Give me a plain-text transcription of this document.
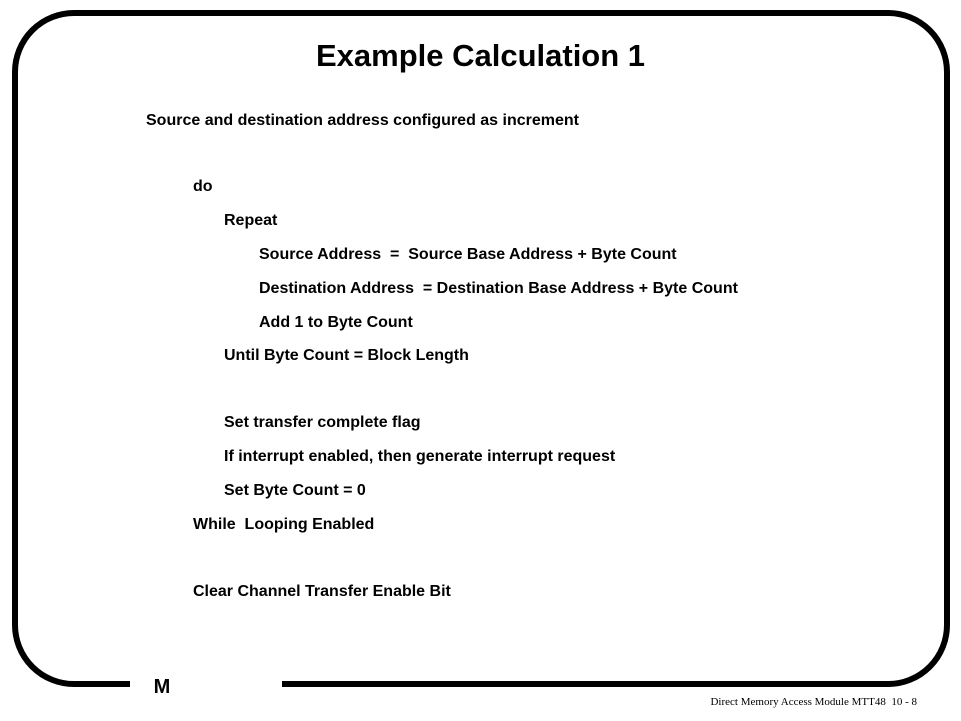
M
Example Calculation 1
Source and destination address configured as increment
do
Repeat
Source Address  =  Source Base Address + Byte Count
Destination Address  = Destination Base Address + Byte Count
Add 1 to Byte Count
Until Byte Count = Block Length
Set transfer complete flag
If interrupt enabled, then generate interrupt request
Set Byte Count = 0
While  Looping Enabled
Clear Channel Transfer Enable Bit
Direct Memory Access Module MTT48  10 - 8
